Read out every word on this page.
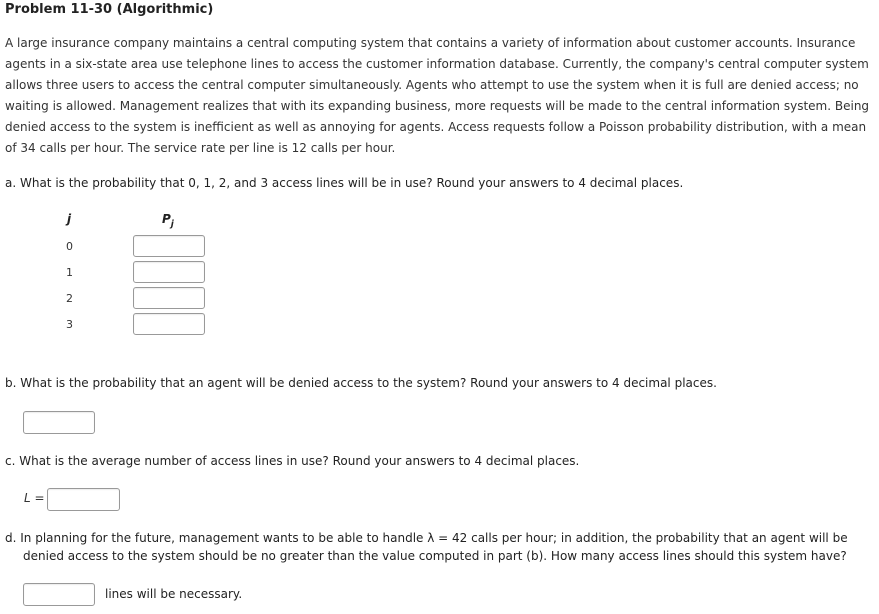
Problem 11-30 (Algorithmic)
A large insurance company maintains a central computing system that contains a variety of information about customer accounts. Insurance agents in a six-state area use telephone lines to access the customer information database. Currently, the company's central computer system allows three users to access the central computer simultaneously. Agents who attempt to use the system when it is full are denied access; no waiting is allowed. Management realizes that with its expanding business, more requests will be made to the central information system. Being denied access to the system is inefficient as well as annoying for agents. Access requests follow a Poisson probability distribution, with a mean of 34 calls per hour. The service rate per line is 12 calls per hour.
a. What is the probability that 0, 1, 2, and 3 access lines will be in use? Round your answers to 4 decimal places.
j	$P_j$
0
1
2
3
b. What is the probability that an agent will be denied access to the system? Round your answers to 4 decimal places.
c. What is the average number of access lines in use? Round your answers to 4 decimal places.
L =
d. In planning for the future, management wants to be able to handle λ = 42 calls per hour; in addition, the probability that an agent will be denied access to the system should be no greater than the value computed in part (b). How many access lines should this system have?
lines will be necessary.
